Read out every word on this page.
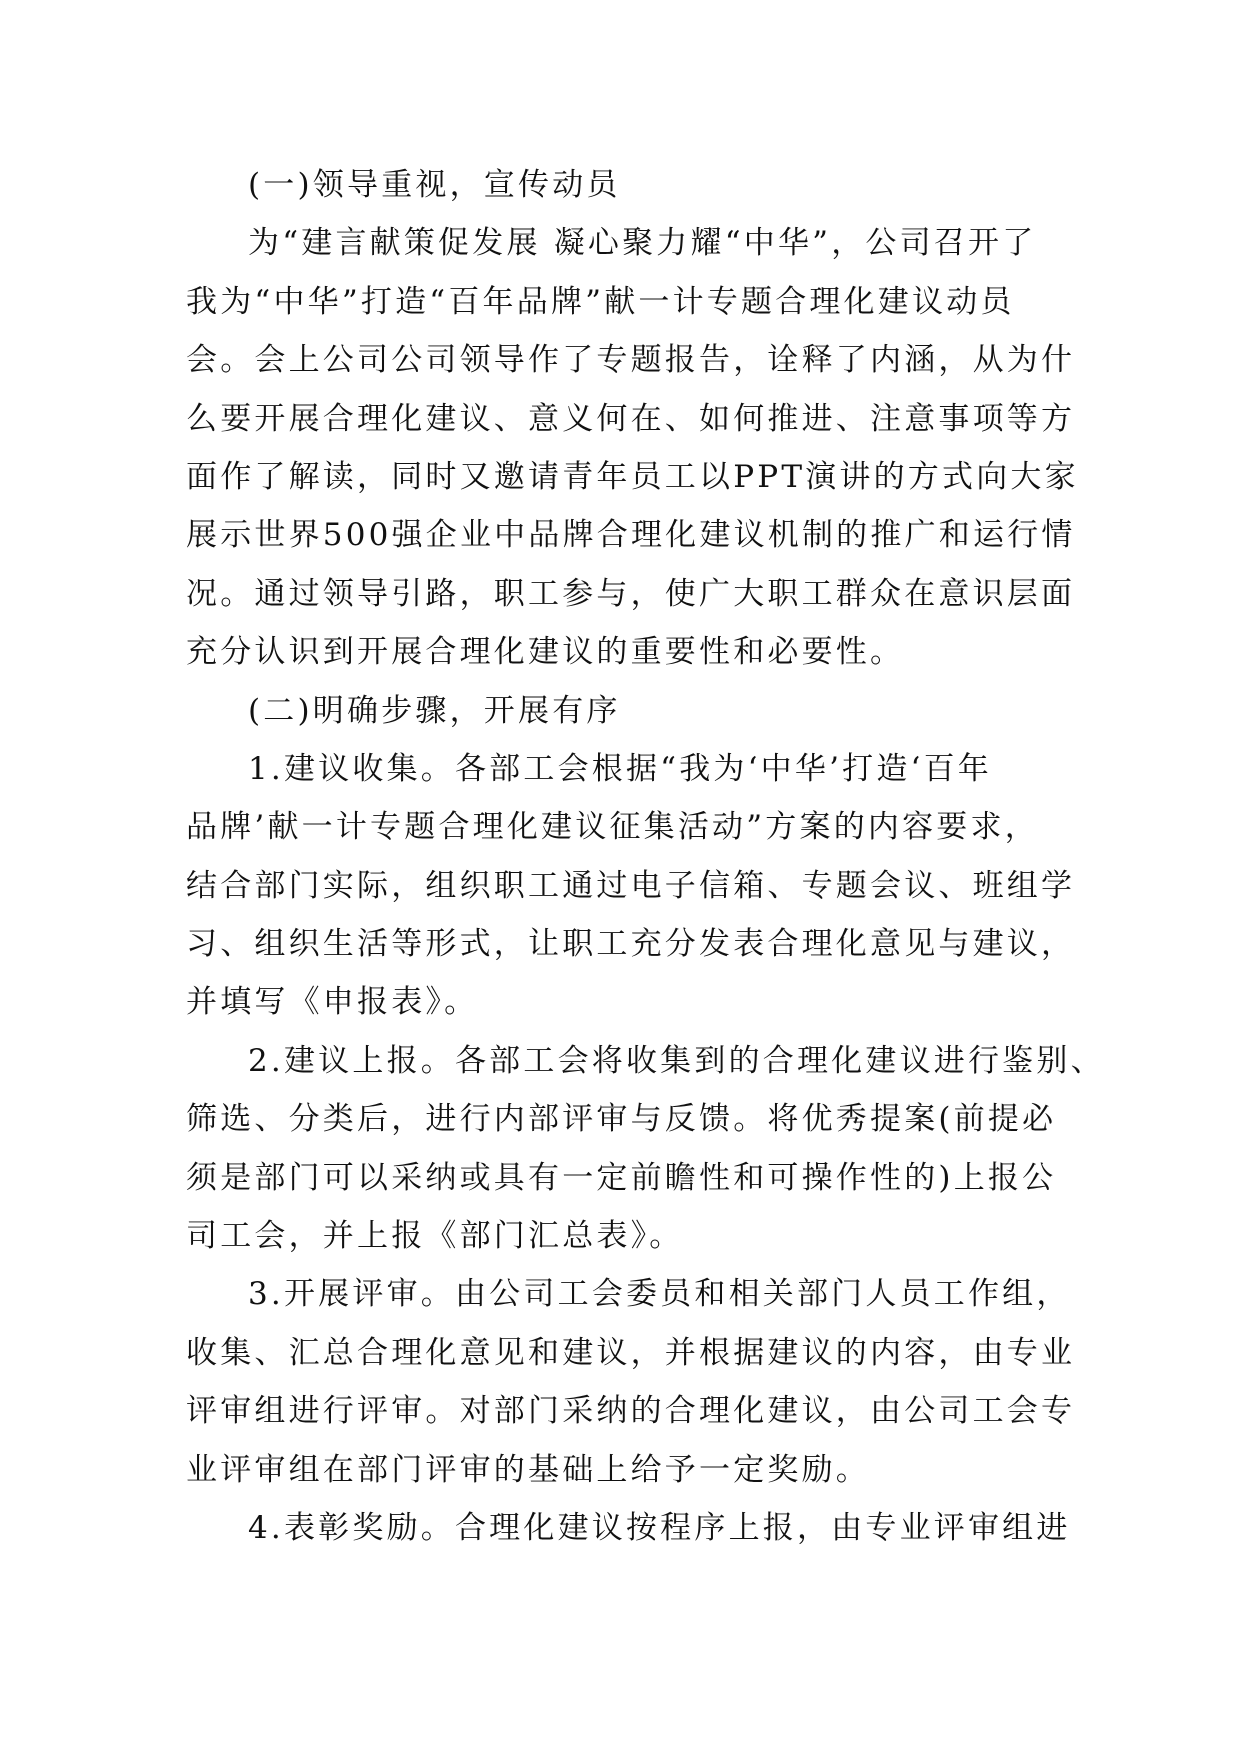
(一)领导重视，宣传动员
为“建言献策促发展 凝心聚力耀“中华”，公司召开了
我为“中华”打造“百年品牌”献一计专题合理化建议动员
会。会上公司公司领导作了专题报告，诠释了内涵，从为什
么要开展合理化建议、意义何在、如何推进、注意事项等方
面作了解读，同时又邀请青年员工以PPT演讲的方式向大家
展示世界500强企业中品牌合理化建议机制的推广和运行情
况。通过领导引路，职工参与，使广大职工群众在意识层面
充分认识到开展合理化建议的重要性和必要性。
(二)明确步骤，开展有序
1.建议收集。各部工会根据“我为‘中华’打造‘百年
品牌’献一计专题合理化建议征集活动”方案的内容要求，
结合部门实际，组织职工通过电子信箱、专题会议、班组学
习、组织生活等形式，让职工充分发表合理化意见与建议，
并填写《申报表》。
2.建议上报。各部工会将收集到的合理化建议进行鉴别、
筛选、分类后，进行内部评审与反馈。将优秀提案(前提必
须是部门可以采纳或具有一定前瞻性和可操作性的)上报公
司工会，并上报《部门汇总表》。
3.开展评审。由公司工会委员和相关部门人员工作组，
收集、汇总合理化意见和建议，并根据建议的内容，由专业
评审组进行评审。对部门采纳的合理化建议，由公司工会专
业评审组在部门评审的基础上给予一定奖励。
4.表彰奖励。合理化建议按程序上报，由专业评审组进
